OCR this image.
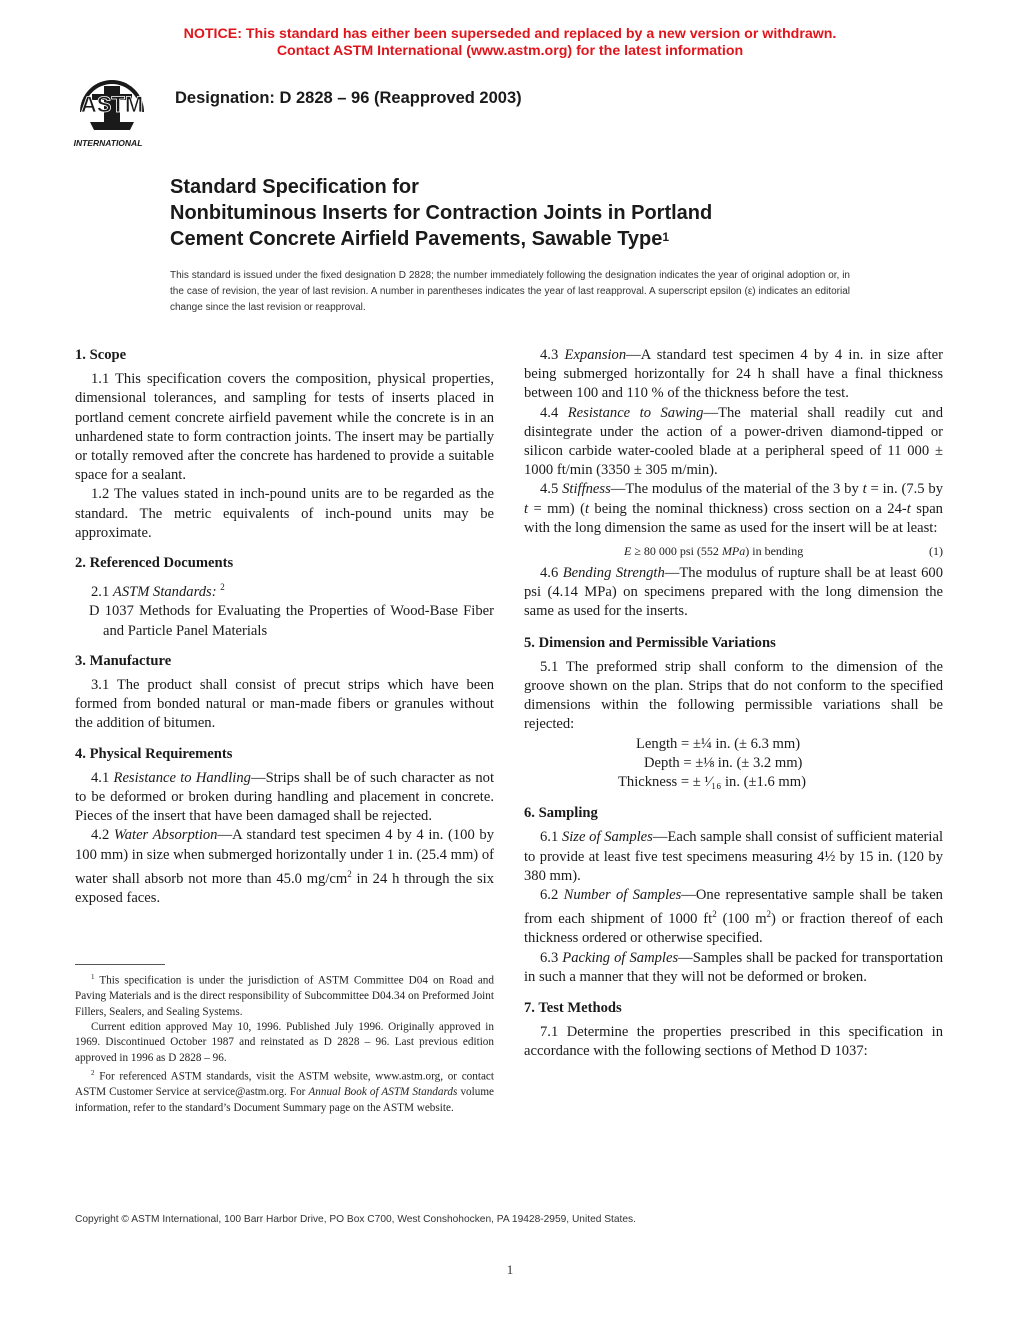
NOTICE: This standard has either been superseded and replaced by a new version or withdrawn.
Contact ASTM International (www.astm.org) for the latest information
ASTM
INTERNATIONAL
Designation: D 2828 – 96 (Reapproved 2003)
Standard Specification for
Nonbituminous Inserts for Contraction Joints in Portland
Cement Concrete Airfield Pavements, Sawable Type$^1$
This standard is issued under the fixed designation D 2828; the number immediately following the designation indicates the year of original adoption or, in the case of revision, the year of last revision. A number in parentheses indicates the year of last reapproval. A superscript epsilon (ε) indicates an editorial change since the last revision or reapproval.

1. Scope

1.1 This specification covers the composition, physical properties, dimensional tolerances, and sampling for tests of inserts placed in portland cement concrete airfield pavement while the concrete is in an unhardened state to form contraction joints. The insert may be partially or totally removed after the concrete has hardened to provide a suitable space for a sealant.

1.2 The values stated in inch-pound units are to be regarded as the standard. The metric equivalents of inch-pound units may be approximate.

2. Referenced Documents

2.1 ASTM Standards: $^2$

D 1037 Methods for Evaluating the Properties of Wood-Base Fiber and Particle Panel Materials

3. Manufacture

3.1 The product shall consist of precut strips which have been formed from bonded natural or man-made fibers or granules without the addition of bitumen.

4. Physical Requirements

4.1 Resistance to Handling—Strips shall be of such character as not to be deformed or broken during handling and placement in concrete. Pieces of the insert that have been damaged shall be rejected.

4.2 Water Absorption—A standard test specimen 4 by 4 in. (100 by 100 mm) in size when submerged horizontally under 1 in. (25.4 mm) of water shall absorb not more than 45.0 $mg/cm^2$ in 24 h through the six exposed faces.

4.3 Expansion—A standard test specimen 4 by 4 in. in size after being submerged horizontally for 24 h shall have a final thickness between 100 and 110 % of the thickness before the test.

4.4 Resistance to Sawing—The material shall readily cut and disintegrate under the action of a power-driven diamond-tipped or silicon carbide water-cooled blade at a peripheral speed of 11 000 ± 1000 ft/min (3350 ± 305 m/min).

4.5 Stiffness—The modulus of the material of the 3 by t = in. (7.5 by t = mm) (t being the nominal thickness) cross section on a 24-t span with the long dimension the same as used for the insert will be at least:

E ≥ 80 000 psi (552 MPa) in bending	(1)

4.6 Bending Strength—The modulus of rupture shall be at least 600 psi (4.14 MPa) on specimens prepared with the long dimension the same as used for the inserts.

5. Dimension and Permissible Variations

5.1 The preformed strip shall conform to the dimension of the groove shown on the plan. Strips that do not conform to the specified dimensions within the following permissible variations shall be rejected:

Length = ±¼ in. (± 6.3 mm)
Depth = ±⅛ in. (± 3.2 mm)
Thickness = ± ¹⁄₁₆ in. (±1.6 mm)

6. Sampling

6.1 Size of Samples—Each sample shall consist of sufficient material to provide at least five test specimens measuring 4½ by 15 in. (120 by 380 mm).

6.2 Number of Samples—One representative sample shall be taken from each shipment of 1000 $ft^2$ (100 $m^2$) or fraction thereof of each thickness ordered or otherwise specified.

6.3 Packing of Samples—Samples shall be packed for transportation in such a manner that they will not be deformed or broken.

7. Test Methods

7.1 Determine the properties prescribed in this specification in accordance with the following sections of Method D 1037:

$^1$ This specification is under the jurisdiction of ASTM Committee D04 on Road and Paving Materials and is the direct responsibility of Subcommittee D04.34 on Preformed Joint Fillers, Sealers, and Sealing Systems.

Current edition approved May 10, 1996. Published July 1996. Originally approved in 1969. Discontinued October 1987 and reinstated as D 2828 – 96. Last previous edition approved in 1996 as D 2828 – 96.

$^2$ For referenced ASTM standards, visit the ASTM website, www.astm.org, or contact ASTM Customer Service at service@astm.org. For Annual Book of ASTM Standards volume information, refer to the standard’s Document Summary page on the ASTM website.

Copyright © ASTM International, 100 Barr Harbor Drive, PO Box C700, West Conshohocken, PA 19428-2959, United States.
1
